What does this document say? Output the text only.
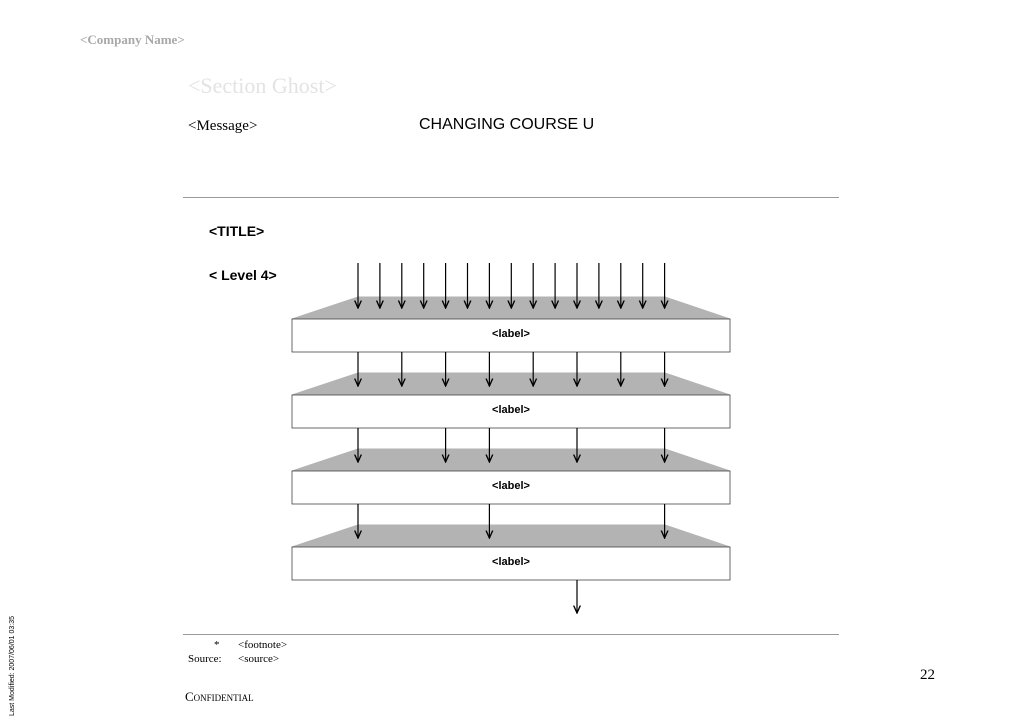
<Company Name>
<Section Ghost>
<Message>	CHANGING COURSE U
<TITLE>
< Level 4>
<label>
<label>
<label>
<label>
* <footnote>
Source: <source>
22
Confidential
Last Modified: 2007/06/01 03:35
